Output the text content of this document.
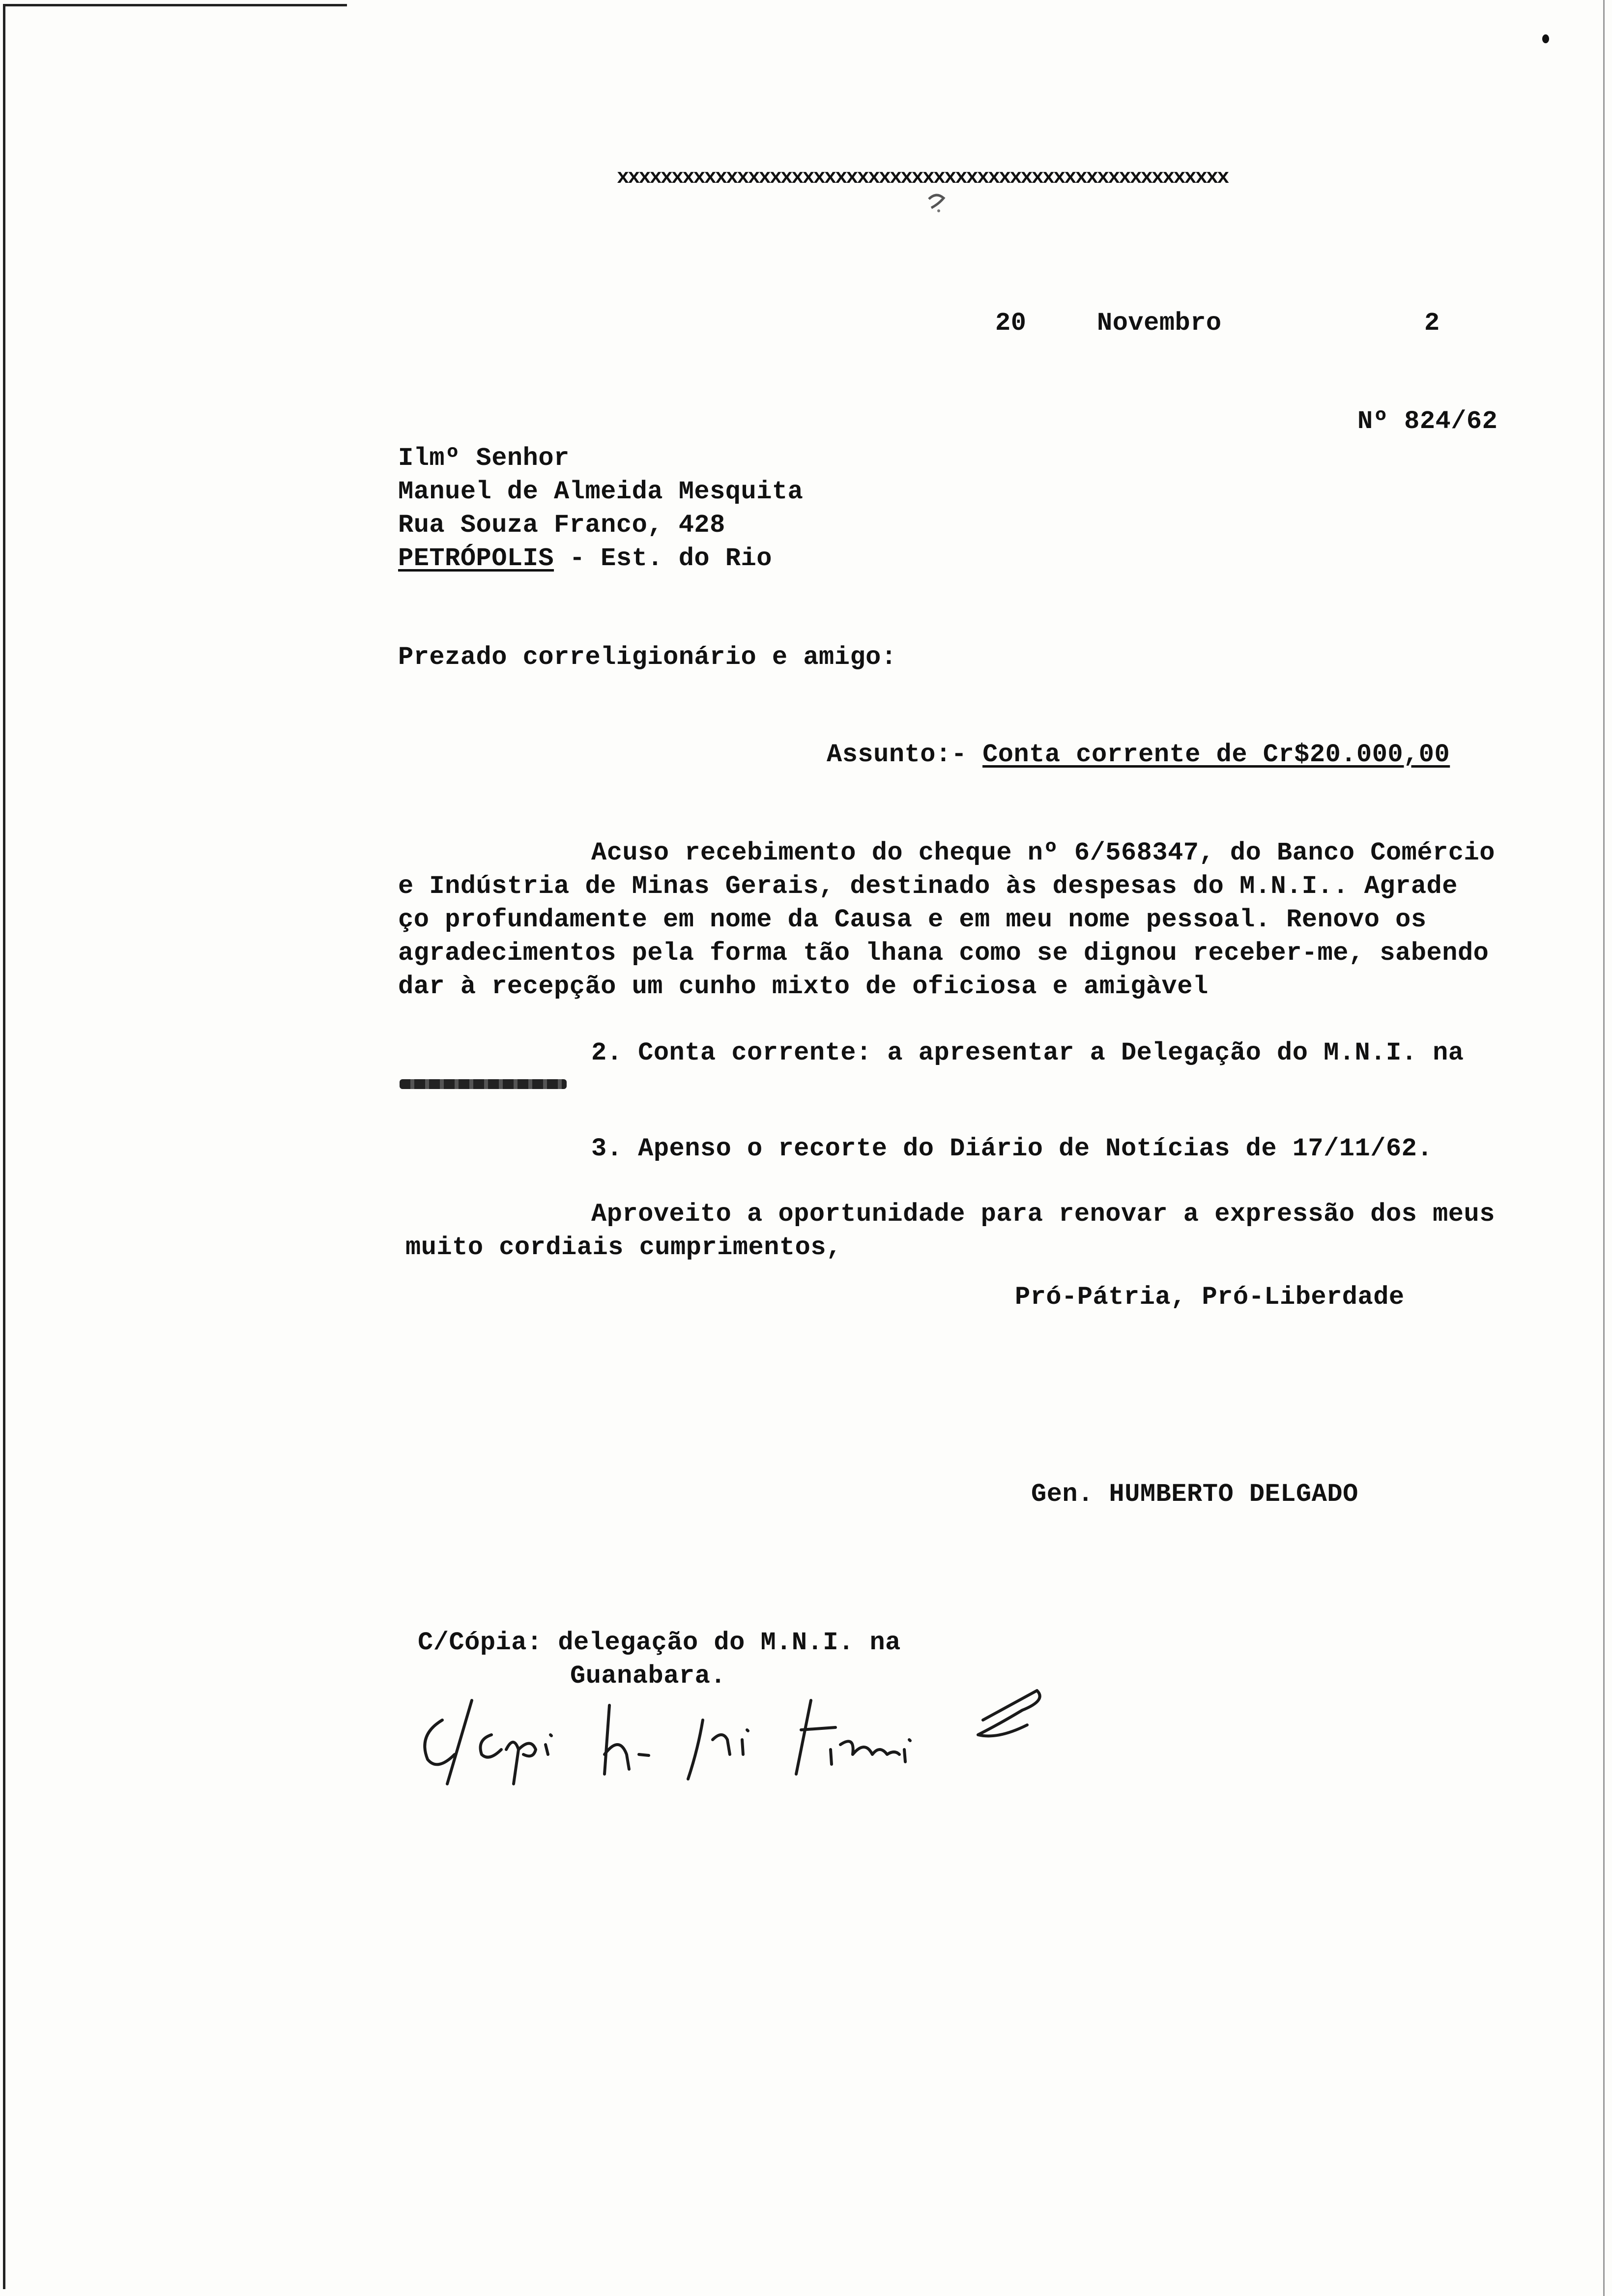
xxxxxxxxxxxxxxxxxxxxxxxxxxxxxxxxxxxxxxxxxxxxxxxxxxxxxxxx
20	Novembro	2
Nº 824/62
Ilmº Senhor
Manuel de Almeida Mesquita
Rua Souza Franco, 428
PETRÓPOLIS - Est. do Rio
Prezado correligionário e amigo:
Assunto:- Conta corrente de Cr$20.000,00
Acuso recebimento do cheque nº 6/568347, do Banco Comércio
e Indústria de Minas Gerais, destinado às despesas do M.N.I.. Agrade
ço profundamente em nome da Causa e em meu nome pessoal. Renovo os
agradecimentos pela forma tão lhana como se dignou receber-me, sabendo
dar à recepção um cunho mixto de oficiosa e amigàvel
2. Conta corrente: a apresentar a Delegação do M.N.I. na
3. Apenso o recorte do Diário de Notícias de 17/11/62.
Aproveito a oportunidade para renovar a expressão dos meus
muito cordiais cumprimentos,
Pró-Pátria, Pró-Liberdade
Gen. HUMBERTO DELGADO
C/Cópia: delegação do M.N.I. na
Guanabara.
